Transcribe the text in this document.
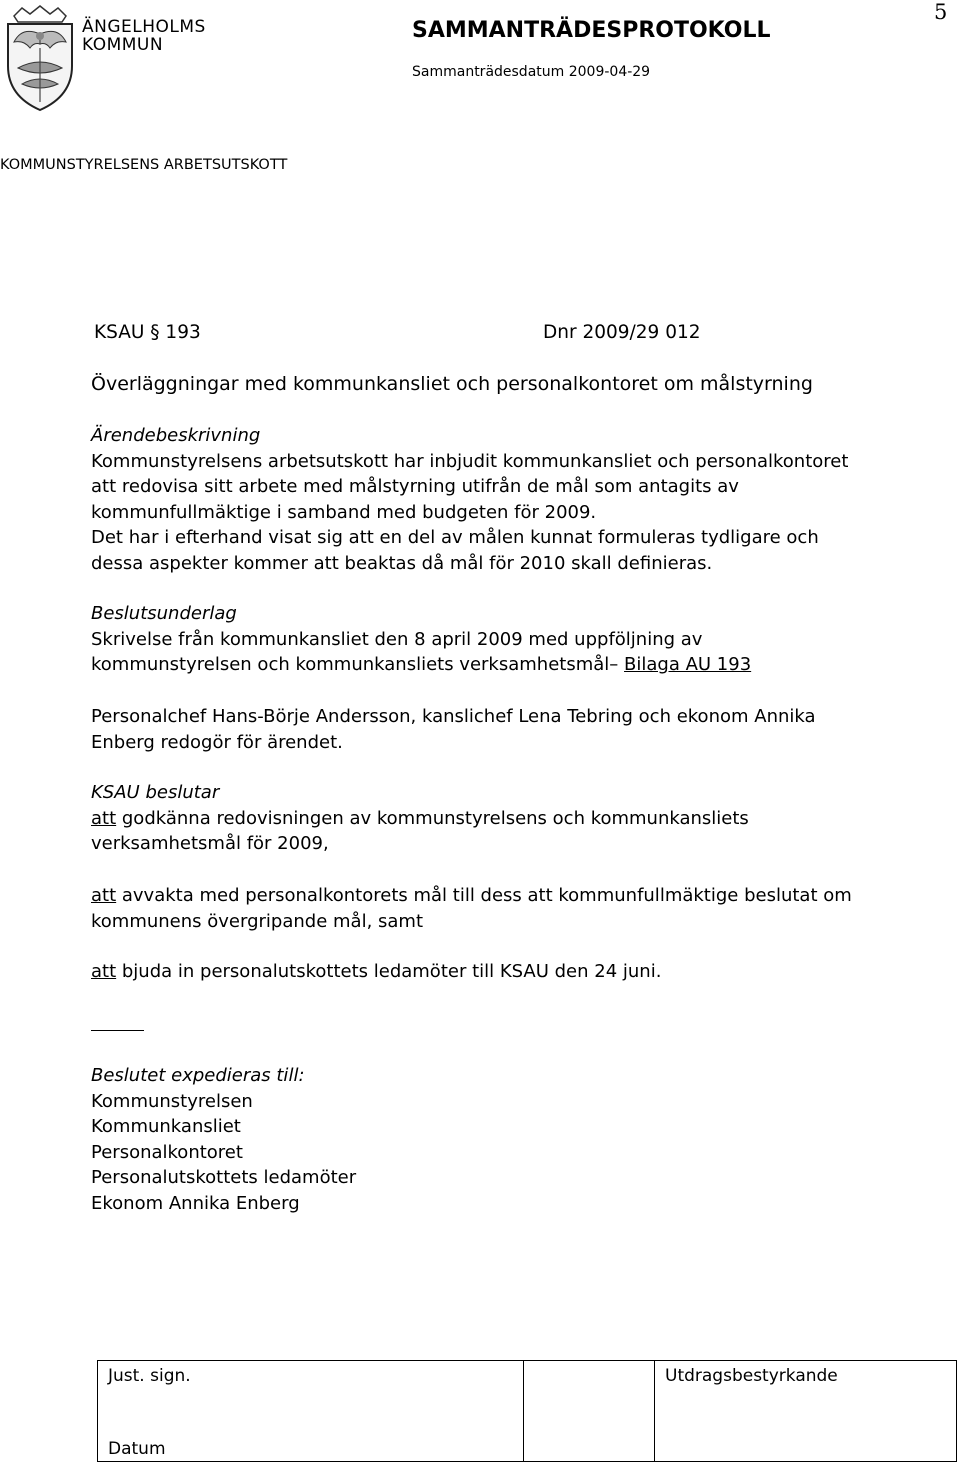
ÄNGELHOLMS
KOMMUN
SAMMANTRÄDESPROTOKOLL
Sammanträdesdatum 2009-04-29
5
KOMMUNSTYRELSENS ARBETSUTSKOTT
KSAU § 193	Dnr 2009/29 012
Överläggningar med kommunkansliet och personalkontoret om målstyrning

Ärendebeskrivning

Kommunstyrelsens arbetsutskott har inbjudit kommunkansliet och personalkontoret

att redovisa sitt arbete med målstyrning utifrån de mål som antagits av

kommunfullmäktige i samband med budgeten för 2009.

Det har i efterhand visat sig att en del av målen kunnat formuleras tydligare och

dessa aspekter kommer att beaktas då mål för 2010 skall definieras.

Beslutsunderlag

Skrivelse från kommunkansliet den 8 april 2009 med uppföljning av

kommunstyrelsen och kommunkansliets verksamhetsmål– Bilaga AU 193

Personalchef Hans-Börje Andersson, kanslichef Lena Tebring och ekonom Annika

Enberg redogör för ärendet.

KSAU beslutar

att godkänna redovisningen av kommunstyrelsens och kommunkansliets

verksamhetsmål för 2009,

att avvakta med personalkontorets mål till dess att kommunfullmäktige beslutat om

kommunens övergripande mål, samt

att bjuda in personalutskottets ledamöter till KSAU den 24 juni.

Beslutet expedieras till:

Kommunstyrelsen

Kommunkansliet

Personalkontoret

Personalutskottets ledamöter

Ekonom Annika Enberg

Just. sign.
Datum

Utdragsbestyrkande
